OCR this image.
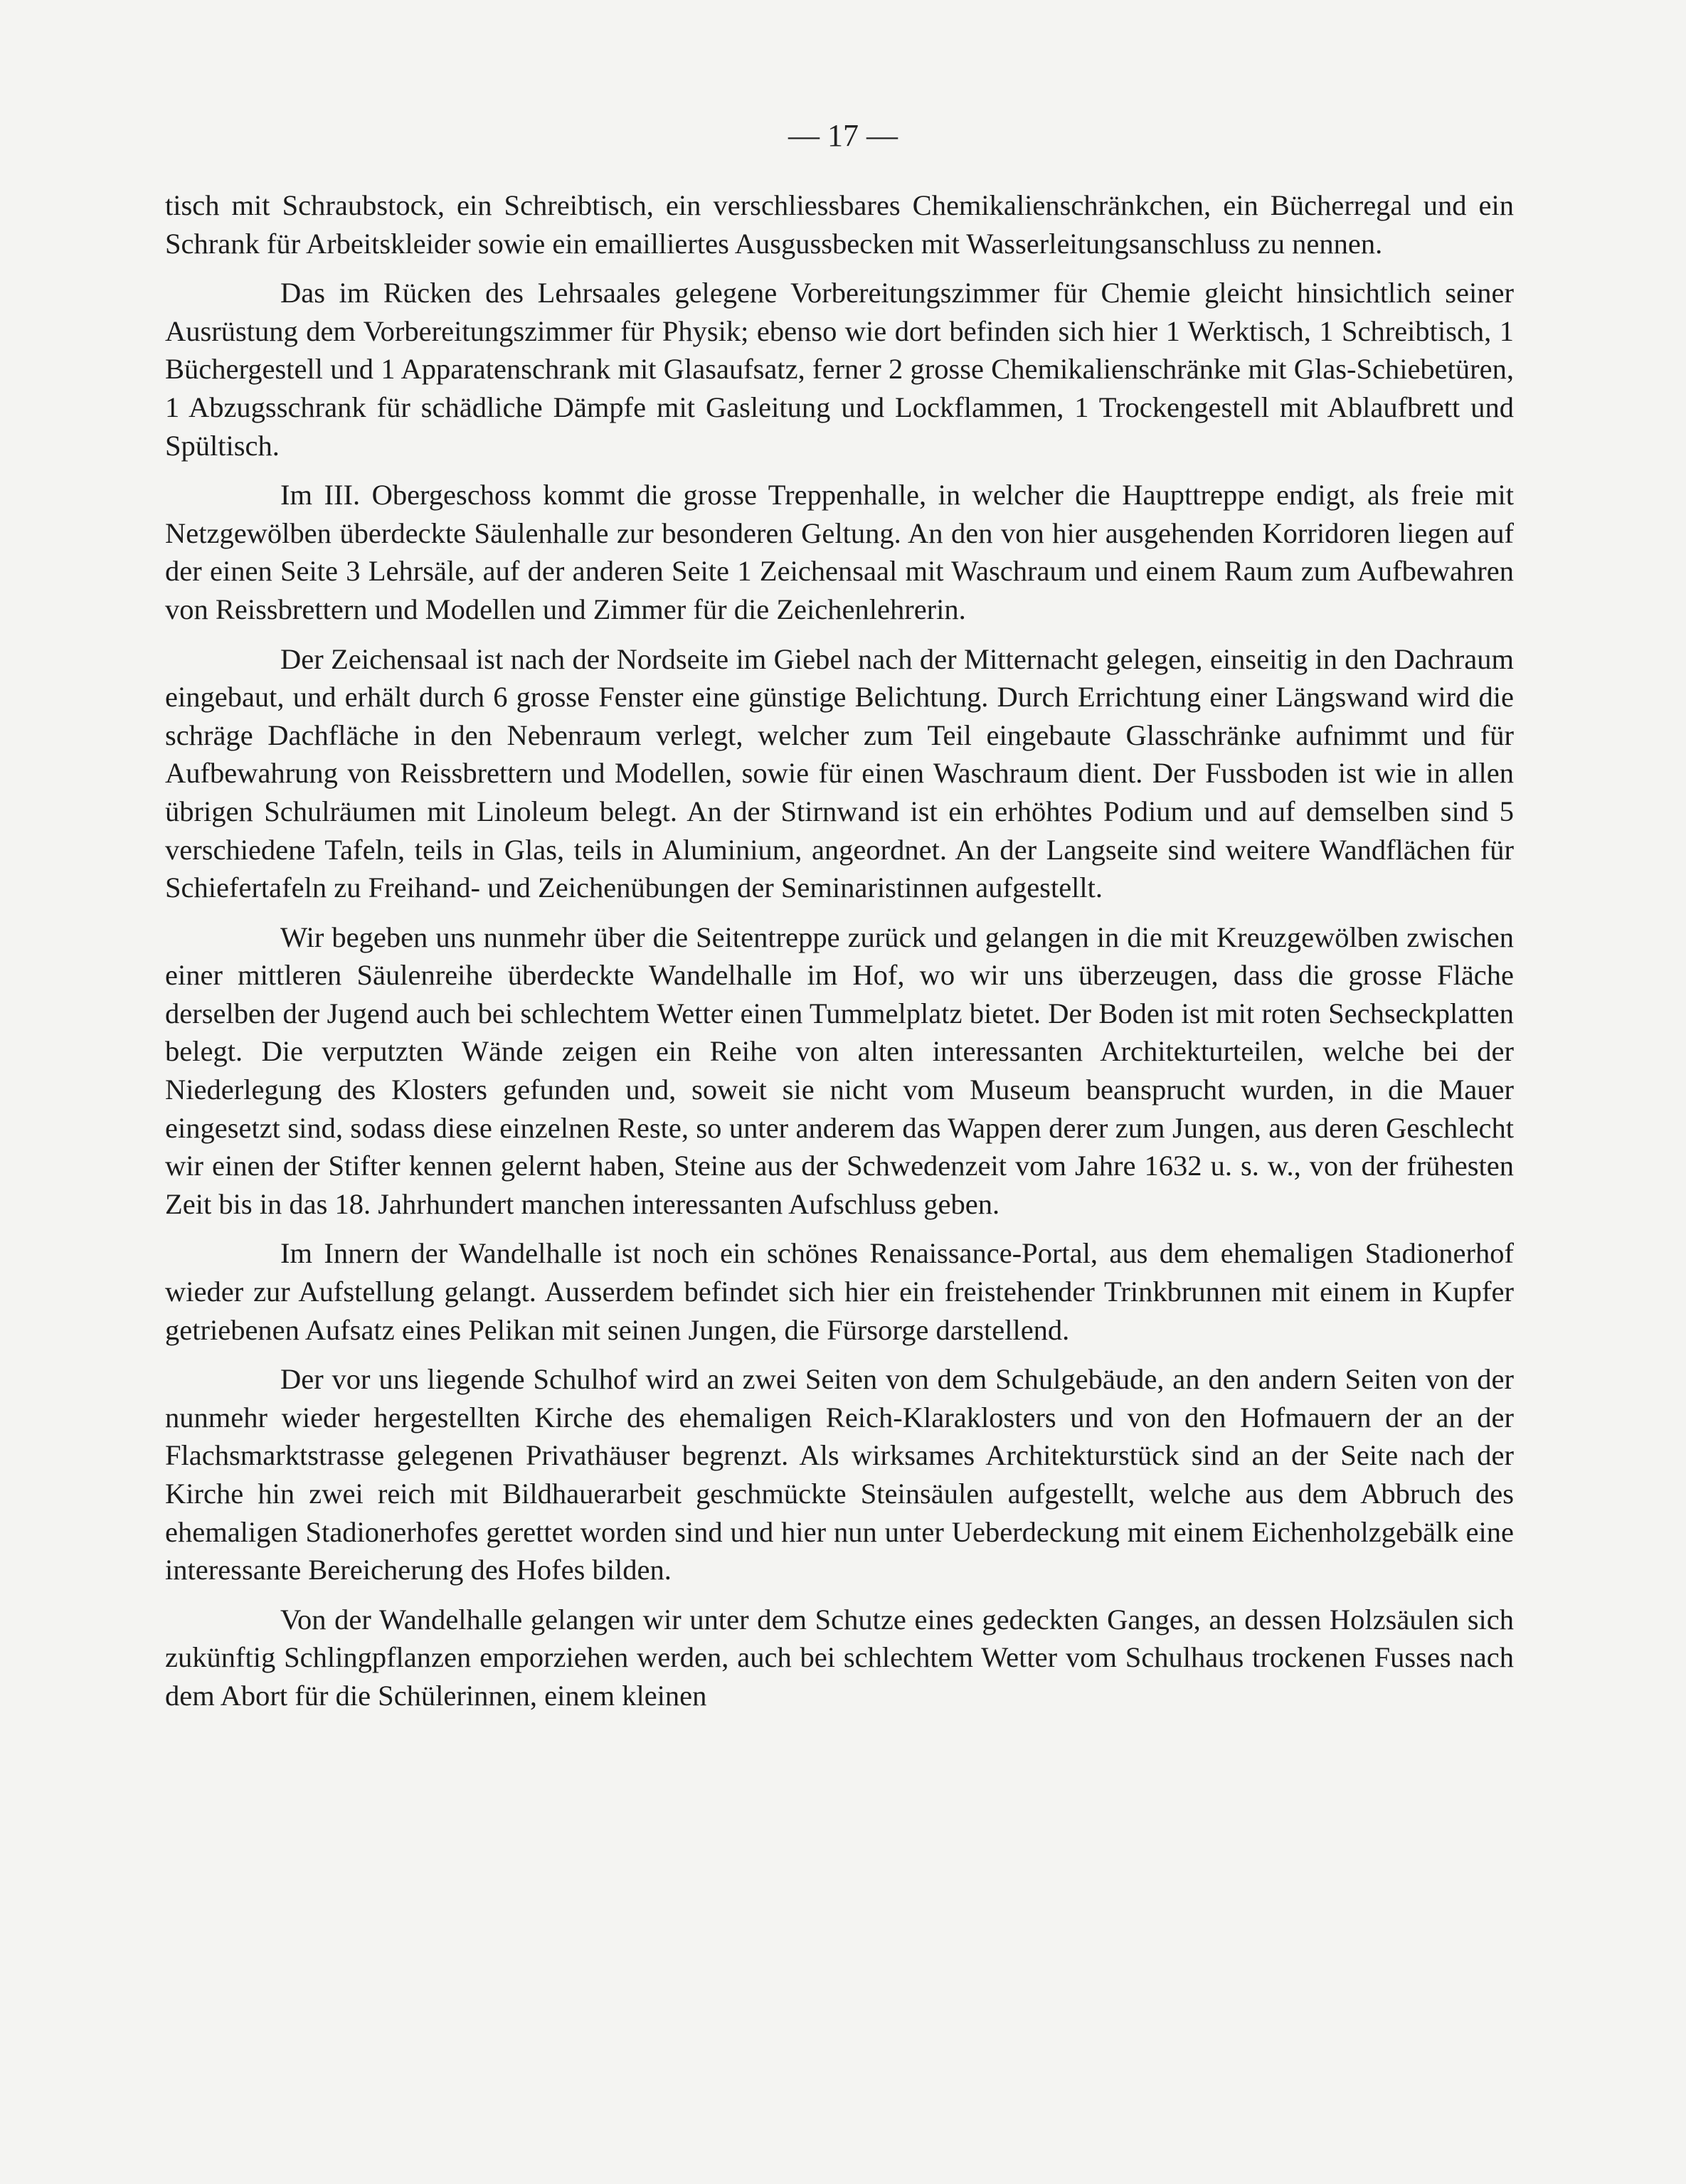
— 17 —

tisch mit Schraubstock, ein Schreibtisch, ein verschliessbares Chemikalienschränkchen, ein Bücherregal und ein Schrank für Arbeitskleider sowie ein emailliertes Ausgussbecken mit Wasserleitungsanschluss zu nennen.

Das im Rücken des Lehrsaales gelegene Vorbereitungszimmer für Chemie gleicht hinsichtlich seiner Ausrüstung dem Vorbereitungszimmer für Physik; ebenso wie dort befinden sich hier 1 Werktisch, 1 Schreibtisch, 1 Büchergestell und 1 Apparatenschrank mit Glasaufsatz, ferner 2 grosse Chemikalienschränke mit Glas-Schiebetüren, 1 Abzugsschrank für schädliche Dämpfe mit Gasleitung und Lockflammen, 1 Trockengestell mit Ablaufbrett und Spültisch.

Im III. Obergeschoss kommt die grosse Treppenhalle, in welcher die Haupttreppe endigt, als freie mit Netzgewölben überdeckte Säulenhalle zur besonderen Geltung. An den von hier ausgehenden Korridoren liegen auf der einen Seite 3 Lehrsäle, auf der anderen Seite 1 Zeichensaal mit Waschraum und einem Raum zum Aufbewahren von Reissbrettern und Modellen und Zimmer für die Zeichenlehrerin.

Der Zeichensaal ist nach der Nordseite im Giebel nach der Mitternacht gelegen, einseitig in den Dachraum eingebaut, und erhält durch 6 grosse Fenster eine günstige Belichtung. Durch Errichtung einer Längswand wird die schräge Dachfläche in den Nebenraum verlegt, welcher zum Teil eingebaute Glasschränke aufnimmt und für Aufbewahrung von Reissbrettern und Modellen, sowie für einen Waschraum dient. Der Fussboden ist wie in allen übrigen Schulräumen mit Linoleum belegt. An der Stirnwand ist ein erhöhtes Podium und auf demselben sind 5 verschiedene Tafeln, teils in Glas, teils in Aluminium, angeordnet. An der Langseite sind weitere Wandflächen für Schiefertafeln zu Freihand- und Zeichenübungen der Seminaristinnen aufgestellt.

Wir begeben uns nunmehr über die Seitentreppe zurück und gelangen in die mit Kreuzgewölben zwischen einer mittleren Säulenreihe überdeckte Wandelhalle im Hof, wo wir uns überzeugen, dass die grosse Fläche derselben der Jugend auch bei schlechtem Wetter einen Tummelplatz bietet. Der Boden ist mit roten Sechseckplatten belegt. Die verputzten Wände zeigen ein Reihe von alten interessanten Architekturteilen, welche bei der Niederlegung des Klosters gefunden und, soweit sie nicht vom Museum beansprucht wurden, in die Mauer eingesetzt sind, sodass diese einzelnen Reste, so unter anderem das Wappen derer zum Jungen, aus deren Geschlecht wir einen der Stifter kennen gelernt haben, Steine aus der Schwedenzeit vom Jahre 1632 u. s. w., von der frühesten Zeit bis in das 18. Jahrhundert manchen interessanten Aufschluss geben.

Im Innern der Wandelhalle ist noch ein schönes Renaissance-Portal, aus dem ehemaligen Stadionerhof wieder zur Aufstellung gelangt. Ausserdem befindet sich hier ein freistehender Trinkbrunnen mit einem in Kupfer getriebenen Aufsatz eines Pelikan mit seinen Jungen, die Fürsorge darstellend.

Der vor uns liegende Schulhof wird an zwei Seiten von dem Schulgebäude, an den andern Seiten von der nunmehr wieder hergestellten Kirche des ehemaligen Reich-Klaraklosters und von den Hofmauern der an der Flachsmarktstrasse gelegenen Privathäuser begrenzt. Als wirksames Architekturstück sind an der Seite nach der Kirche hin zwei reich mit Bildhauerarbeit geschmückte Steinsäulen aufgestellt, welche aus dem Abbruch des ehemaligen Stadionerhofes gerettet worden sind und hier nun unter Ueberdeckung mit einem Eichenholzgebälk eine interessante Bereicherung des Hofes bilden.

Von der Wandelhalle gelangen wir unter dem Schutze eines gedeckten Ganges, an dessen Holzsäulen sich zukünftig Schlingpflanzen emporziehen werden, auch bei schlechtem Wetter vom Schulhaus trockenen Fusses nach dem Abort für die Schülerinnen, einem kleinen
